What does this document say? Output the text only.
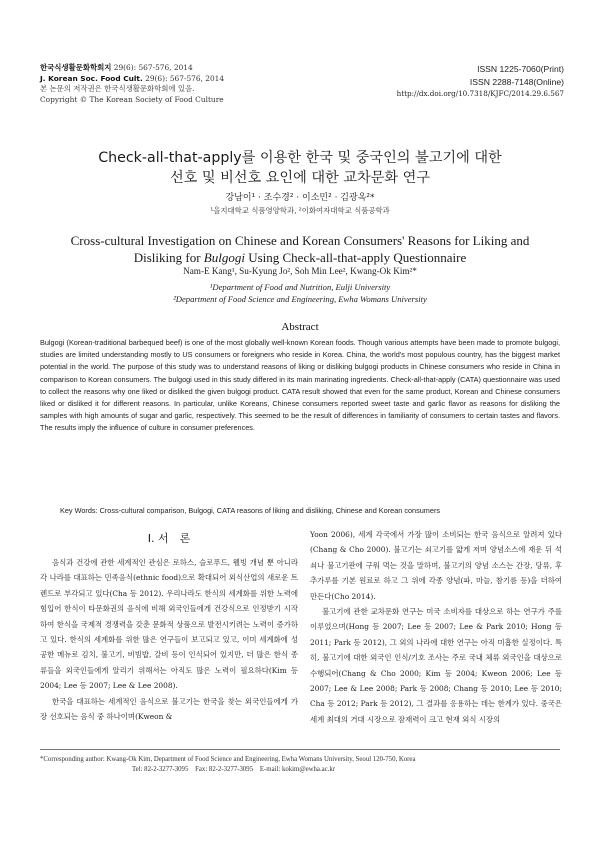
한국식생활문화학회지 29(6): 567-576, 2014
J. Korean Soc. Food Cult. 29(6): 567-576, 2014
본 논문의 저작권은 한국식생활문화학회에 있음.
Copyright © The Korean Society of Food Culture
ISSN 1225-7060(Print)
ISSN 2288-7148(Online)
http://dx.doi.org/10.7318/KJFC/2014.29.6.567
Check-all-that-apply를 이용한 한국 및 중국인의 불고기에 대한
선호 및 비선호 요인에 대한 교차문화 연구
강남이¹ · 조수경² · 이소민² · 김광옥²*
¹을지대학교 식품영양학과, ²이화여자대학교 식품공학과
Cross-cultural Investigation on Chinese and Korean Consumers' Reasons for Liking and
Disliking for Bulgogi Using Check-all-that-apply Questionnaire
Nam-E Kang¹, Su-Kyung Jo², Soh Min Lee², Kwang-Ok Kim²*
¹Department of Food and Nutrition, Eulji University
²Department of Food Science and Engineering, Ewha Womans University
Abstract
Bulgogi (Korean-traditional barbequed beef) is one of the most globally well-known Korean foods. Though various attempts have been made to promote bulgogi, studies are limited understanding mostly to US consumers or foreigners who reside in Korea. China, the world's most populous country, has the biggest market potential in the world. The purpose of this study was to understand reasons of liking or disliking bulgogi products in Chinese consumers who reside in China in comparison to Korean consumers. The bulgogi used in this study differed in its main marinating ingredients. Check-all-that-apply (CATA) questionnaire was used to collect the reasons why one liked or disliked the given bulgogi product. CATA result showed that even for the same product, Korean and Chinese consumers liked or disliked it for different reasons. In particular, unlike Koreans, Chinese consumers reported sweet taste and garlic flavor as reasons for disliking the samples with high amounts of sugar and garlic, respectively. This seemed to be the result of differences in familiarity of consumers to certain tastes and flavors. The results imply the influence of culture in consumer preferences.
Key Words: Cross-cultural comparison, Bulgogi, CATA reasons of liking and disliking, Chinese and Korean consumers
I. 서　론

음식과 건강에 관한 세계적인 관심은 로하스, 슬로푸드, 웰빙 개념 뿐 아니라 각 나라를 대표하는 민족음식(ethnic food)으로 확대되어 외식산업의 새로운 트렌드로 부각되고 있다(Cha 등 2012). 우리나라도 한식의 세계화를 위한 노력에 힘입어 한식이 타문화권의 음식에 비해 외국인들에게 건강식으로 인정받기 시작하여 한식을 국제적 경쟁력을 갖춘 문화적 상품으로 발전시키려는 노력이 증가하고 있다. 한식의 세계화를 위한 많은 연구들이 보고되고 있고, 이미 세계화에 성공한 메뉴로 김치, 불고기, 비빔밥, 갈비 등이 인식되어 있지만, 더 많은 한식 종류들을 외국인들에게 알리기 위해서는 아직도 많은 노력이 필요하다(Kim 등 2004; Lee 등 2007; Lee & Lee 2008).

한국을 대표하는 세계적인 음식으로 불고기는 한국을 찾는 외국인들에게 가장 선호되는 음식 중 하나이며(Kweon &

Yoon 2006), 세계 각국에서 가장 많이 소비되는 한국 음식으로 알려져 있다(Chang & Cho 2000). 불고기는 쇠고기를 얇게 저며 양념소스에 재운 뒤 석쇠나 불고기판에 구워 먹는 것을 말하며, 불고기의 양념 소스는 간장, 당류, 후추가루를 기본 원료로 하고 그 위에 각종 양념(파, 마늘, 참기름 등)을 더하여 만든다(Cho 2014).

불고기에 관한 교차문화 연구는 미국 소비자를 대상으로 하는 연구가 주를 이루었으며(Hong 등 2007; Lee 등 2007; Lee & Park 2010; Hong 등 2011; Park 등 2012), 그 외의 나라에 대한 연구는 아직 미흡한 실정이다. 특히, 불고기에 대한 외국인 인식/기호 조사는 주로 국내 체류 외국인을 대상으로 수행되어(Chang & Cho 2000; Kim 등 2004; Kweon 2006; Lee 등 2007; Lee & Lee 2008; Park 등 2008; Chang 등 2010; Lee 등 2010; Cha 등 2012; Park 등 2012), 그 결과를 응용하는 데는 한계가 있다. 중국은 세계 최대의 거대 시장으로 잠재력이 크고 현재 외식 시장의

*Corresponding author: Kwang-Ok Kim, Department of Food Science and Engineering, Ewha Womans University, Seoul 120-750, Korea
Tel: 82-2-3277-3095　Fax: 82-2-3277-3095　E-mail: kokim@ewha.ac.kr
